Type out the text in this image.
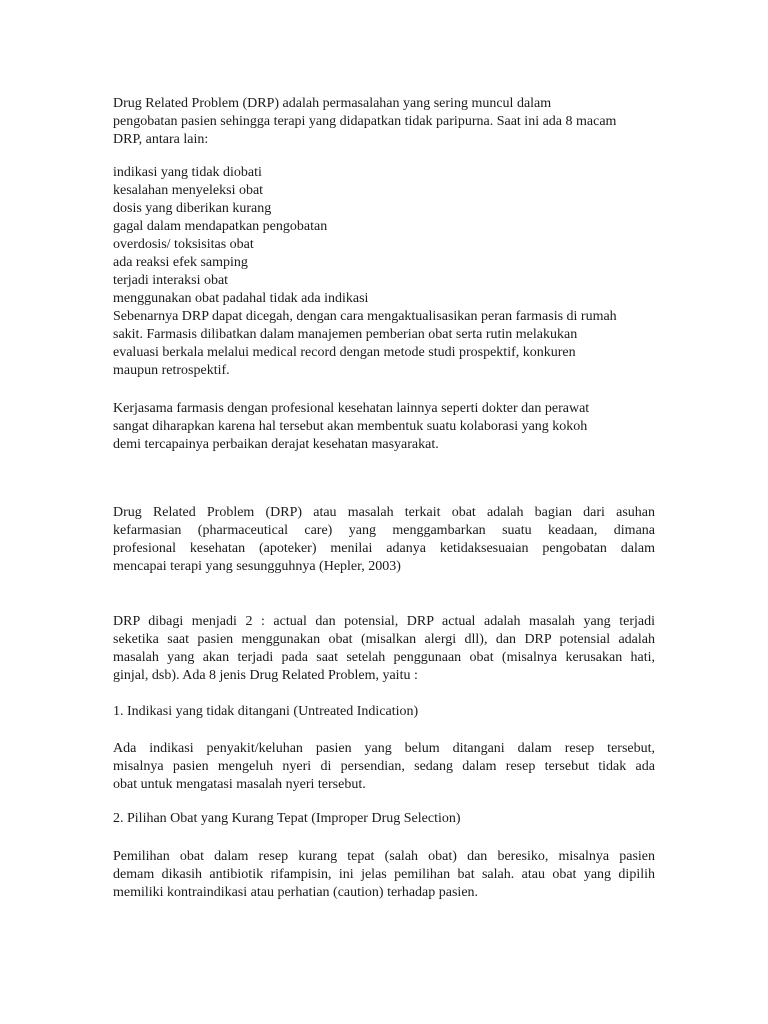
Drug Related Problem (DRP) adalah permasalahan yang sering muncul dalam
pengobatan pasien sehingga terapi yang didapatkan tidak paripurna. Saat ini ada 8 macam
DRP, antara lain:
indikasi yang tidak diobati
kesalahan menyeleksi obat
dosis yang diberikan kurang
gagal dalam mendapatkan pengobatan
overdosis/ toksisitas obat
ada reaksi efek samping
terjadi interaksi obat
menggunakan obat padahal tidak ada indikasi
Sebenarnya DRP dapat dicegah, dengan cara mengaktualisasikan peran farmasis di rumah
sakit. Farmasis dilibatkan dalam manajemen pemberian obat serta rutin melakukan
evaluasi berkala melalui medical record dengan metode studi prospektif, konkuren
maupun retrospektif.
Kerjasama farmasis dengan profesional kesehatan lainnya seperti dokter dan perawat
sangat diharapkan karena hal tersebut akan membentuk suatu kolaborasi yang kokoh
demi tercapainya perbaikan derajat kesehatan masyarakat.
Drug Related Problem (DRP) atau masalah terkait obat adalah bagian dari asuhan
kefarmasian (pharmaceutical care) yang menggambarkan suatu keadaan, dimana
profesional kesehatan (apoteker) menilai adanya ketidaksesuaian pengobatan dalam
mencapai terapi yang sesungguhnya (Hepler, 2003)
DRP dibagi menjadi 2 : actual dan potensial, DRP actual adalah masalah yang terjadi
seketika saat pasien menggunakan obat (misalkan alergi dll), dan DRP potensial adalah
masalah yang akan terjadi pada saat setelah penggunaan obat (misalnya kerusakan hati,
ginjal, dsb). Ada 8 jenis Drug Related Problem, yaitu :
1. Indikasi yang tidak ditangani (Untreated Indication)
Ada indikasi penyakit/keluhan pasien yang belum ditangani dalam resep tersebut,
misalnya pasien mengeluh nyeri di persendian, sedang dalam resep tersebut tidak ada
obat untuk mengatasi masalah nyeri tersebut.
2. Pilihan Obat yang Kurang Tepat (Improper Drug Selection)
Pemilihan obat dalam resep kurang tepat (salah obat) dan beresiko, misalnya pasien
demam dikasih antibiotik rifampisin, ini jelas pemilihan bat salah. atau obat yang dipilih
memiliki kontraindikasi atau perhatian (caution) terhadap pasien.
